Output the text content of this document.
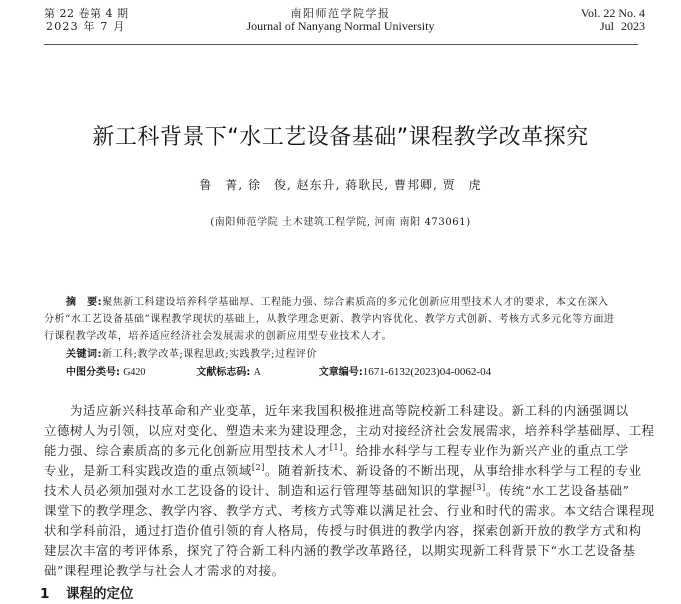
第 22 卷第 4 期
2023 年 7 月
南阳师范学院学报
Journal of Nanyang Normal University
Vol. 22 No. 4
Jul 2023
新工科背景下“水工艺设备基础”课程教学改革探究
鲁　菁, 徐　俊, 赵东升, 蒋耿民, 曹邦卿, 贾　虎
(南阳师范学院 土木建筑工程学院, 河南 南阳 473061)
摘　要:聚焦新工科建设培养科学基础厚、工程能力强、综合素质高的多元化创新应用型技术人才的要求，本文在深入
分析“水工艺设备基础”课程教学现状的基础上，从教学理念更新、教学内容优化、教学方式创新、考核方式多元化等方面进
行课程教学改革，培养适应经济社会发展需求的创新应用型专业技术人才。
关键词:新工科;教学改革;课程思政;实践教学;过程评价
中图分类号: G420	文献标志码: A	文章编号:1671-6132(2023)04-0062-04
为适应新兴科技革命和产业变革，近年来我国积极推进高等院校新工科建设。新工科的内涵强调以
立德树人为引领，以应对变化、塑造未来为建设理念，主动对接经济社会发展需求，培养科学基础厚、工程
能力强、综合素质高的多元化创新应用型技术人才[1]。给排水科学与工程专业作为新兴产业的重点工学
专业，是新工科实践改造的重点领域[2]。随着新技术、新设备的不断出现，从事给排水科学与工程的专业
技术人员必须加强对水工艺设备的设计、制造和运行管理等基础知识的掌握[3]。传统“水工艺设备基础”
课堂下的教学理念、教学内容、教学方式、考核方式等难以满足社会、行业和时代的需求。本文结合课程现
状和学科前沿，通过打造价值引领的育人格局，传授与时俱进的教学内容，探索创新开放的教学方式和构
建层次丰富的考评体系，探究了符合新工科内涵的教学改革路径，以期实现新工科背景下“水工艺设备基
础”课程理论教学与社会人才需求的对接。
1 课程的定位
